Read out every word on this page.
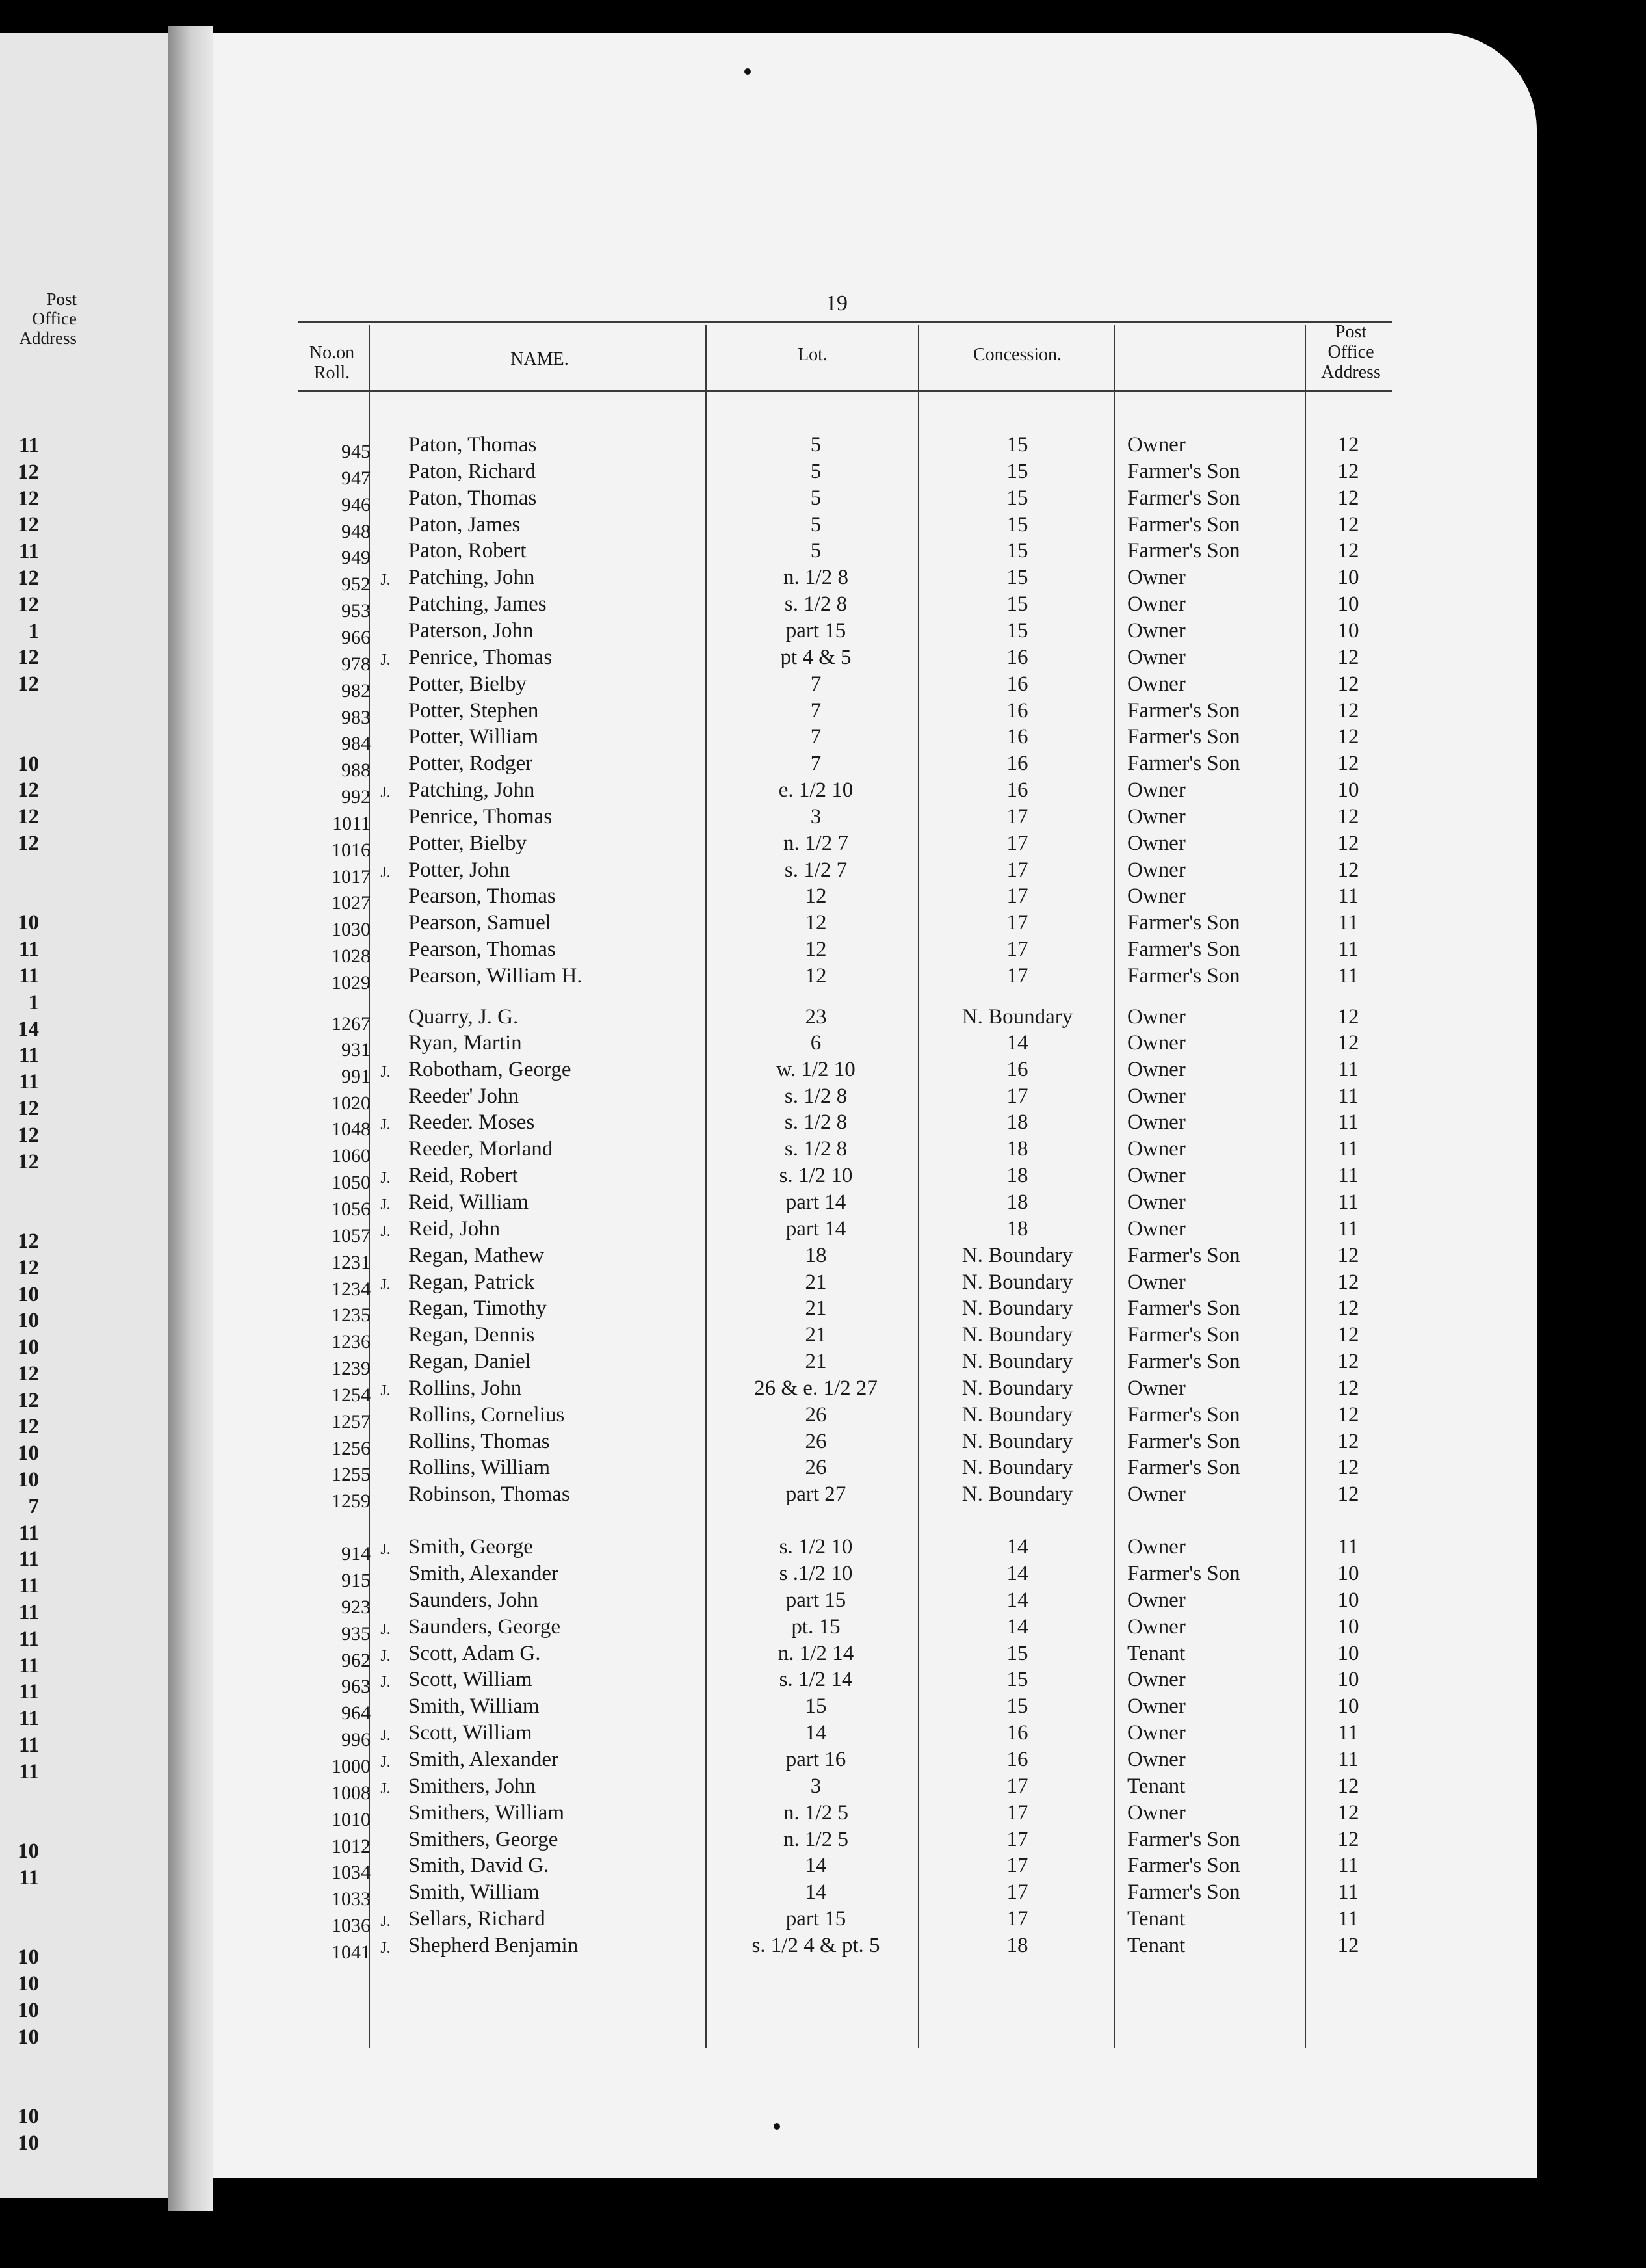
Post
Office
Address
11
12
12
12
11
12
12
1
12
12
10
12
12
12
10
11
11
1
14
11
11
12
12
12
12
12
10
10
10
12
12
12
10
10
7
11
11
11
11
11
11
11
11
11
11
10
11
10
10
10
10
10
10
19
No.on
Roll.
NAME.	Lot.	Concession.
Post
Office
Address
945 Paton, Thomas	5	15	Owner	12
947 Paton, Richard	5	15	Farmer's Son	12
946 Paton, Thomas	5	15	Farmer's Son	12
948 Paton, James	5	15	Farmer's Son	12
949 Paton, Robert	5	15	Farmer's Son	12
952 J. Patching, John	n. 1/2 8	15	Owner	10
953 Patching, James	s. 1/2 8	15	Owner	10
966 Paterson, John	part 15	15	Owner	10
978 J. Penrice, Thomas	pt 4 & 5	16	Owner	12
982 Potter, Bielby	7	16	Owner	12
983 Potter, Stephen	7	16	Farmer's Son	12
984 Potter, William	7	16	Farmer's Son	12
988 Potter, Rodger	7	16	Farmer's Son	12
992 J. Patching, John	e. 1/2 10	16	Owner	10
1011 Penrice, Thomas	3	17	Owner	12
1016 Potter, Bielby	n. 1/2 7	17	Owner	12
1017 J. Potter, John	s. 1/2 7	17	Owner	12
1027 Pearson, Thomas	12	17	Owner	11
1030 Pearson, Samuel	12	17	Farmer's Son	11
1028 Pearson, Thomas	12	17	Farmer's Son	11
1029 Pearson, William H.	12	17	Farmer's Son	11
1267 Quarry, J. G.	23	N. Boundary	Owner	12
931 Ryan, Martin	6	14	Owner	12
991 J. Robotham, George	w. 1/2 10	16	Owner	11
1020 Reeder' John	s. 1/2 8	17	Owner	11
1048 J. Reeder. Moses	s. 1/2 8	18	Owner	11
1060 Reeder, Morland	s. 1/2 8	18	Owner	11
1050 J. Reid, Robert	s. 1/2 10	18	Owner	11
1056 J. Reid, William	part 14	18	Owner	11
1057 J. Reid, John	part 14	18	Owner	11
1231 Regan, Mathew	18	N. Boundary	Farmer's Son	12
1234 J. Regan, Patrick	21	N. Boundary	Owner	12
1235 Regan, Timothy	21	N. Boundary	Farmer's Son	12
1236 Regan, Dennis	21	N. Boundary	Farmer's Son	12
1239 Regan, Daniel	21	N. Boundary	Farmer's Son	12
1254 J. Rollins, John	26 & e. 1/2 27	N. Boundary	Owner	12
1257 Rollins, Cornelius	26	N. Boundary	Farmer's Son	12
1256 Rollins, Thomas	26	N. Boundary	Farmer's Son	12
1255 Rollins, William	26	N. Boundary	Farmer's Son	12
1259 Robinson, Thomas	part 27	N. Boundary	Owner	12
914 J. Smith, George	s. 1/2 10	14	Owner	11
915 Smith, Alexander	s .1/2 10	14	Farmer's Son	10
923 Saunders, John	part 15	14	Owner	10
935 J. Saunders, George	pt. 15	14	Owner	10
962 J. Scott, Adam G.	n. 1/2 14	15	Tenant	10
963 J. Scott, William	s. 1/2 14	15	Owner	10
964 Smith, William	15	15	Owner	10
996 J. Scott, William	14	16	Owner	11
1000 J. Smith, Alexander	part 16	16	Owner	11
1008 J. Smithers, John	3	17	Tenant	12
1010 Smithers, William	n. 1/2 5	17	Owner	12
1012 Smithers, George	n. 1/2 5	17	Farmer's Son	12
1034 Smith, David G.	14	17	Farmer's Son	11
1033 Smith, William	14	17	Farmer's Son	11
1036 J. Sellars, Richard	part 15	17	Tenant	11
1041 J. Shepherd Benjamin	s. 1/2 4 & pt. 5	18	Tenant	12
